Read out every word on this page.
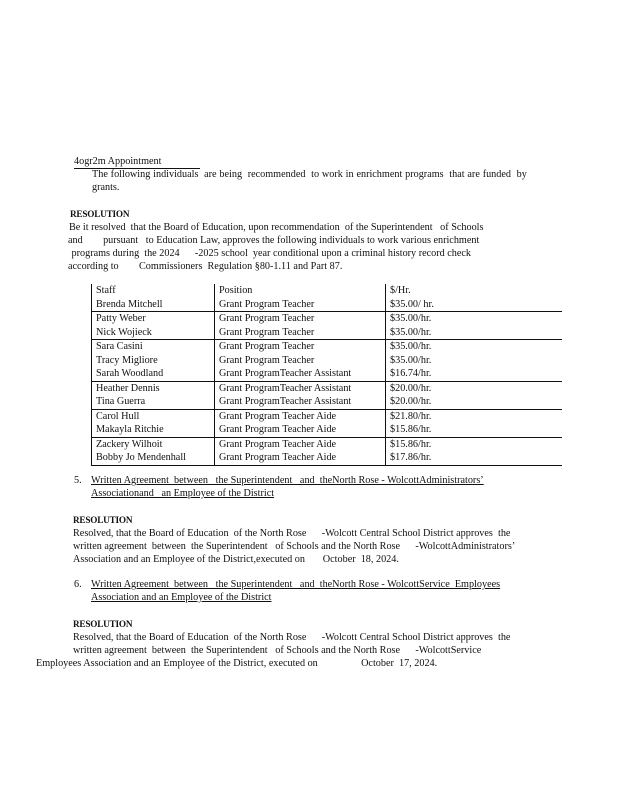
4ogr2m Appointment
The following individuals  are being  recommended  to work in enrichment programs  that are funded  by
grants.
RESOLUTION
Be it resolved  that the Board of Education, upon recommendation  of the Superintendent   of Schools
and        pursuant   to Education Law, approves the following individuals to work various enrichment
programs during  the 2024      -2025 school  year conditional upon a criminal history record check
according to        Commissioners  Regulation §80-1.11 and Part 87.
Staff	Position	$/Hr.
Brenda Mitchell	Grant Program Teacher	$35.00/ hr.
Patty Weber	Grant Program Teacher	$35.00/hr.
Nick Wojieck	Grant Program Teacher	$35.00/hr.
Sara Casini	Grant Program Teacher	$35.00/hr.
Tracy Migliore	Grant Program Teacher	$35.00/hr.
Sarah Woodland	Grant ProgramTeacher Assistant	$16.74/hr.
Heather Dennis	Grant ProgramTeacher Assistant	$20.00/hr.
Tina Guerra	Grant ProgramTeacher Assistant	$20.00/hr.
Carol Hull	Grant Program Teacher Aide	$21.80/hr.
Makayla Ritchie	Grant Program Teacher Aide	$15.86/hr.
Zackery Wilhoit	Grant Program Teacher Aide	$15.86/hr.
Bobby Jo Mendenhall	Grant Program Teacher Aide	$17.86/hr.
5. Written Agreement  between   the Superintendent   and  theNorth Rose - WolcottAdministrators’
Associationand   an Employee of the District
RESOLUTION
Resolved, that the Board of Education  of the North Rose      -Wolcott Central School District approves  the
written agreement  between  the Superintendent   of Schools and the North Rose      -WolcottAdministrators’
Association and an Employee of the District,executed on       October  18, 2024.
6. Written Agreement  between   the Superintendent   and  theNorth Rose - WolcottService  Employees
Association and an Employee of the District
RESOLUTION
Resolved, that the Board of Education  of the North Rose      -Wolcott Central School District approves  the
written agreement  between  the Superintendent   of Schools and the North Rose      -WolcottService
Employees Association and an Employee of the District, executed on                 October  17, 2024.
